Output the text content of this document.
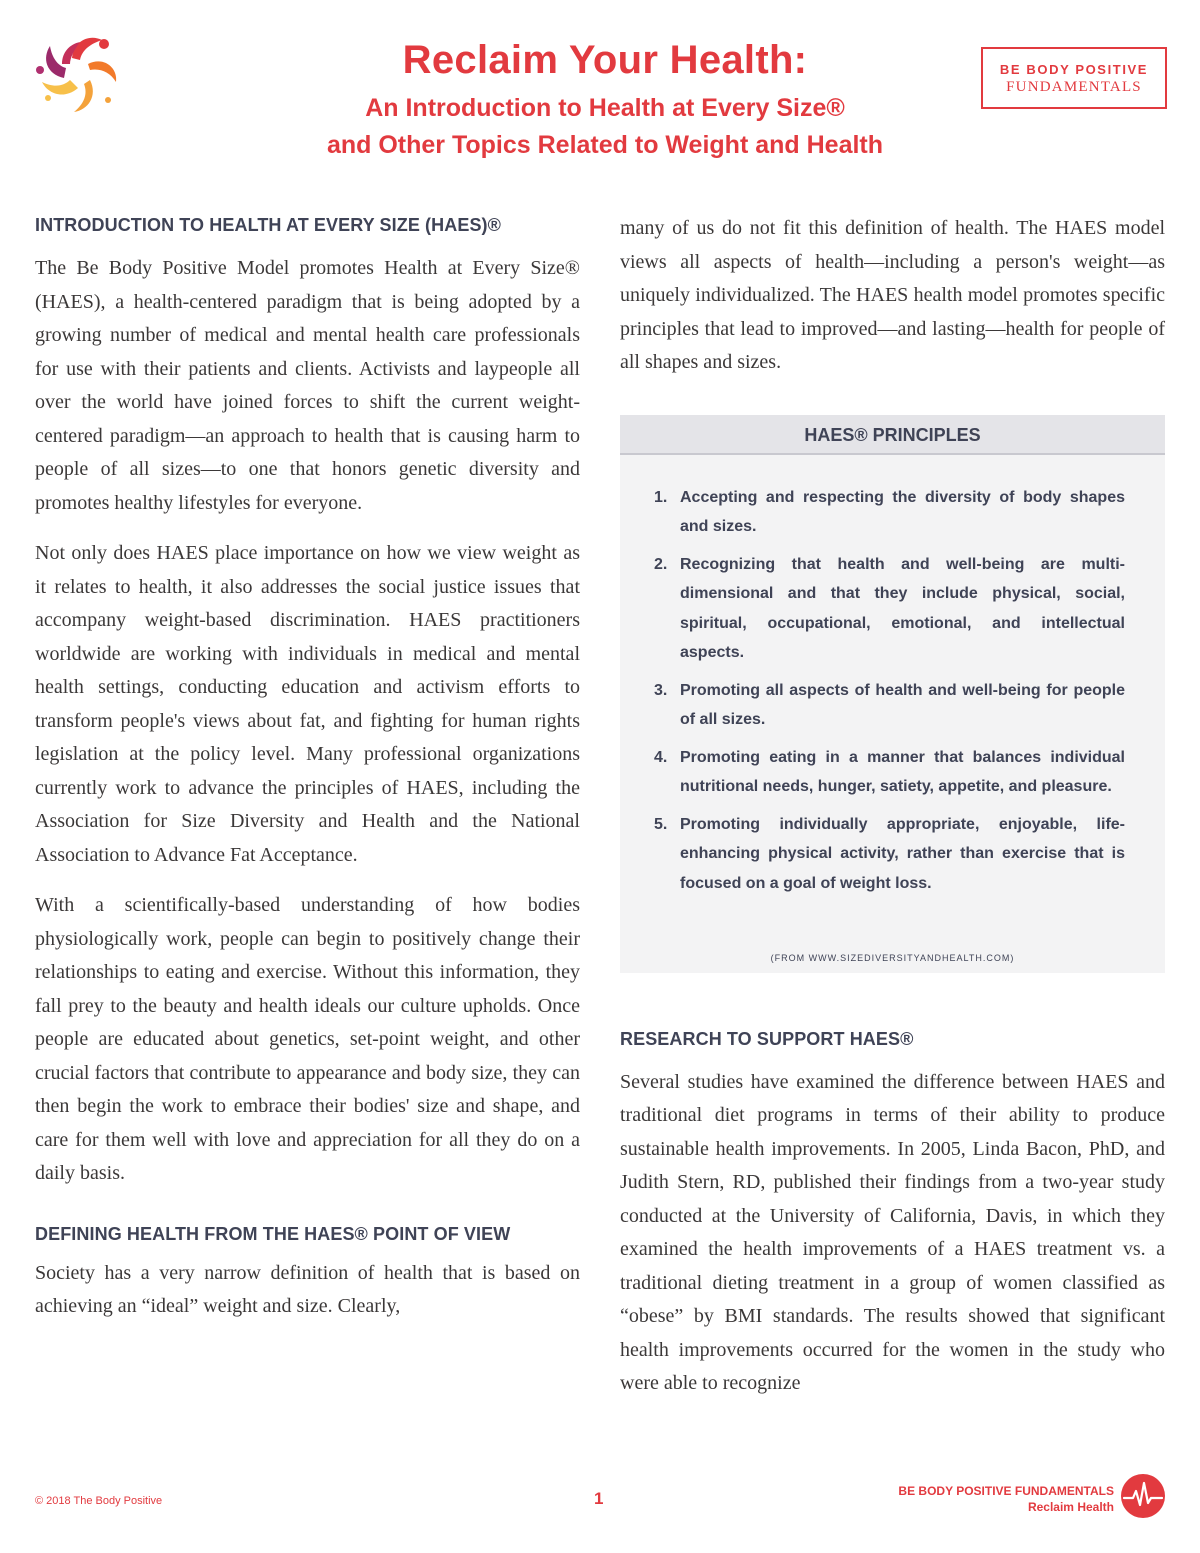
Reclaim Your Health:
An Introduction to Health at Every Size®
and Other Topics Related to Weight and Health
BE BODY POSITIVE
FUNDAMENTALS
INTRODUCTION TO HEALTH AT EVERY SIZE (HAES)®

The Be Body Positive Model promotes Health at Every Size® (HAES), a health-centered paradigm that is being adopted by a growing number of medical and mental health care professionals for use with their patients and clients. Activists and laypeople all over the world have joined forces to shift the current weight-centered paradigm—an approach to health that is causing harm to people of all sizes—to one that honors genetic diversity and promotes healthy lifestyles for everyone.

Not only does HAES place importance on how we view weight as it relates to health, it also addresses the social justice issues that accompany weight-based discrimination. HAES practitioners worldwide are working with individuals in medical and mental health settings, conducting education and activism efforts to transform people's views about fat, and fighting for human rights legislation at the policy level. Many professional organizations currently work to advance the principles of HAES, including the Association for Size Diversity and Health and the National Association to Advance Fat Acceptance.

With a scientifically-based understanding of how bodies physiologically work, people can begin to positively change their relationships to eating and exercise. Without this information, they fall prey to the beauty and health ideals our culture upholds. Once people are educated about genetics, set-point weight, and other crucial factors that contribute to appearance and body size, they can then begin the work to embrace their bodies' size and shape, and care for them well with love and appreciation for all they do on a daily basis.

DEFINING HEALTH FROM THE HAES® POINT OF VIEW

Society has a very narrow definition of health that is based on achieving an “ideal” weight and size. Clearly,

many of us do not fit this definition of health. The HAES model views all aspects of health—including a person's weight—as uniquely individualized. The HAES health model promotes specific principles that lead to improved—and lasting—health for people of all shapes and sizes.

HAES® PRINCIPLES
1. Accepting and respecting the diversity of body shapes and sizes.
2. Recognizing that health and well-being are multi-dimensional and that they include physical, social, spiritual, occupational, emotional, and intellectual aspects.
3. Promoting all aspects of health and well-being for people of all sizes.
4. Promoting eating in a manner that balances individual nutritional needs, hunger, satiety, appetite, and pleasure.
5. Promoting individually appropriate, enjoyable, life-enhancing physical activity, rather than exercise that is focused on a goal of weight loss.
(FROM WWW.SIZEDIVERSITYANDHEALTH.COM)
RESEARCH TO SUPPORT HAES®

Several studies have examined the difference between HAES and traditional diet programs in terms of their ability to produce sustainable health improvements. In 2005, Linda Bacon, PhD, and Judith Stern, RD, published their findings from a two-year study conducted at the University of California, Davis, in which they examined the health improvements of a HAES treatment vs. a traditional dieting treatment in a group of women classified as “obese” by BMI standards. The results showed that significant health improvements occurred for the women in the study who were able to recognize

© 2018 The Body Positive	1	BE BODY POSITIVE FUNDAMENTALS
Reclaim Health
